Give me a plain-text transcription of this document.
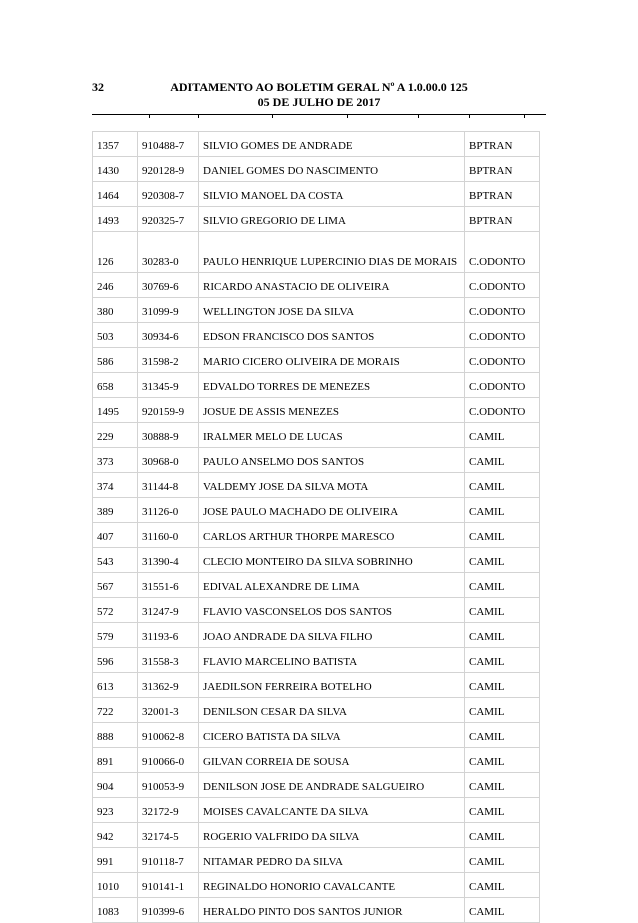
32	ADITAMENTO AO BOLETIM GERAL Nº A 1.0.00.0 125
05 DE JULHO DE 2017
1357	910488-7	SILVIO GOMES DE ANDRADE	BPTRAN
1430	920128-9	DANIEL GOMES DO NASCIMENTO	BPTRAN
1464	920308-7	SILVIO MANOEL DA COSTA	BPTRAN
1493	920325-7	SILVIO GREGORIO DE LIMA	BPTRAN
126	30283-0	PAULO HENRIQUE LUPERCINIO DIAS DE MORAIS	C.ODONTO
246	30769-6	RICARDO ANASTACIO DE OLIVEIRA	C.ODONTO
380	31099-9	WELLINGTON JOSE DA SILVA	C.ODONTO
503	30934-6	EDSON FRANCISCO DOS SANTOS	C.ODONTO
586	31598-2	MARIO CICERO OLIVEIRA DE MORAIS	C.ODONTO
658	31345-9	EDVALDO TORRES DE MENEZES	C.ODONTO
1495	920159-9	JOSUE DE ASSIS MENEZES	C.ODONTO
229	30888-9	IRALMER MELO DE LUCAS	CAMIL
373	30968-0	PAULO ANSELMO DOS SANTOS	CAMIL
374	31144-8	VALDEMY JOSE DA SILVA MOTA	CAMIL
389	31126-0	JOSE PAULO MACHADO DE OLIVEIRA	CAMIL
407	31160-0	CARLOS ARTHUR THORPE MARESCO	CAMIL
543	31390-4	CLECIO MONTEIRO DA SILVA SOBRINHO	CAMIL
567	31551-6	EDIVAL ALEXANDRE DE LIMA	CAMIL
572	31247-9	FLAVIO VASCONSELOS DOS SANTOS	CAMIL
579	31193-6	JOAO ANDRADE DA SILVA FILHO	CAMIL
596	31558-3	FLAVIO MARCELINO BATISTA	CAMIL
613	31362-9	JAEDILSON FERREIRA BOTELHO	CAMIL
722	32001-3	DENILSON CESAR DA SILVA	CAMIL
888	910062-8	CICERO BATISTA DA SILVA	CAMIL
891	910066-0	GILVAN CORREIA DE SOUSA	CAMIL
904	910053-9	DENILSON JOSE DE ANDRADE SALGUEIRO	CAMIL
923	32172-9	MOISES CAVALCANTE DA SILVA	CAMIL
942	32174-5	ROGERIO VALFRIDO DA SILVA	CAMIL
991	910118-7	NITAMAR PEDRO DA SILVA	CAMIL
1010	910141-1	REGINALDO HONORIO CAVALCANTE	CAMIL
1083	910399-6	HERALDO PINTO DOS SANTOS JUNIOR	CAMIL
